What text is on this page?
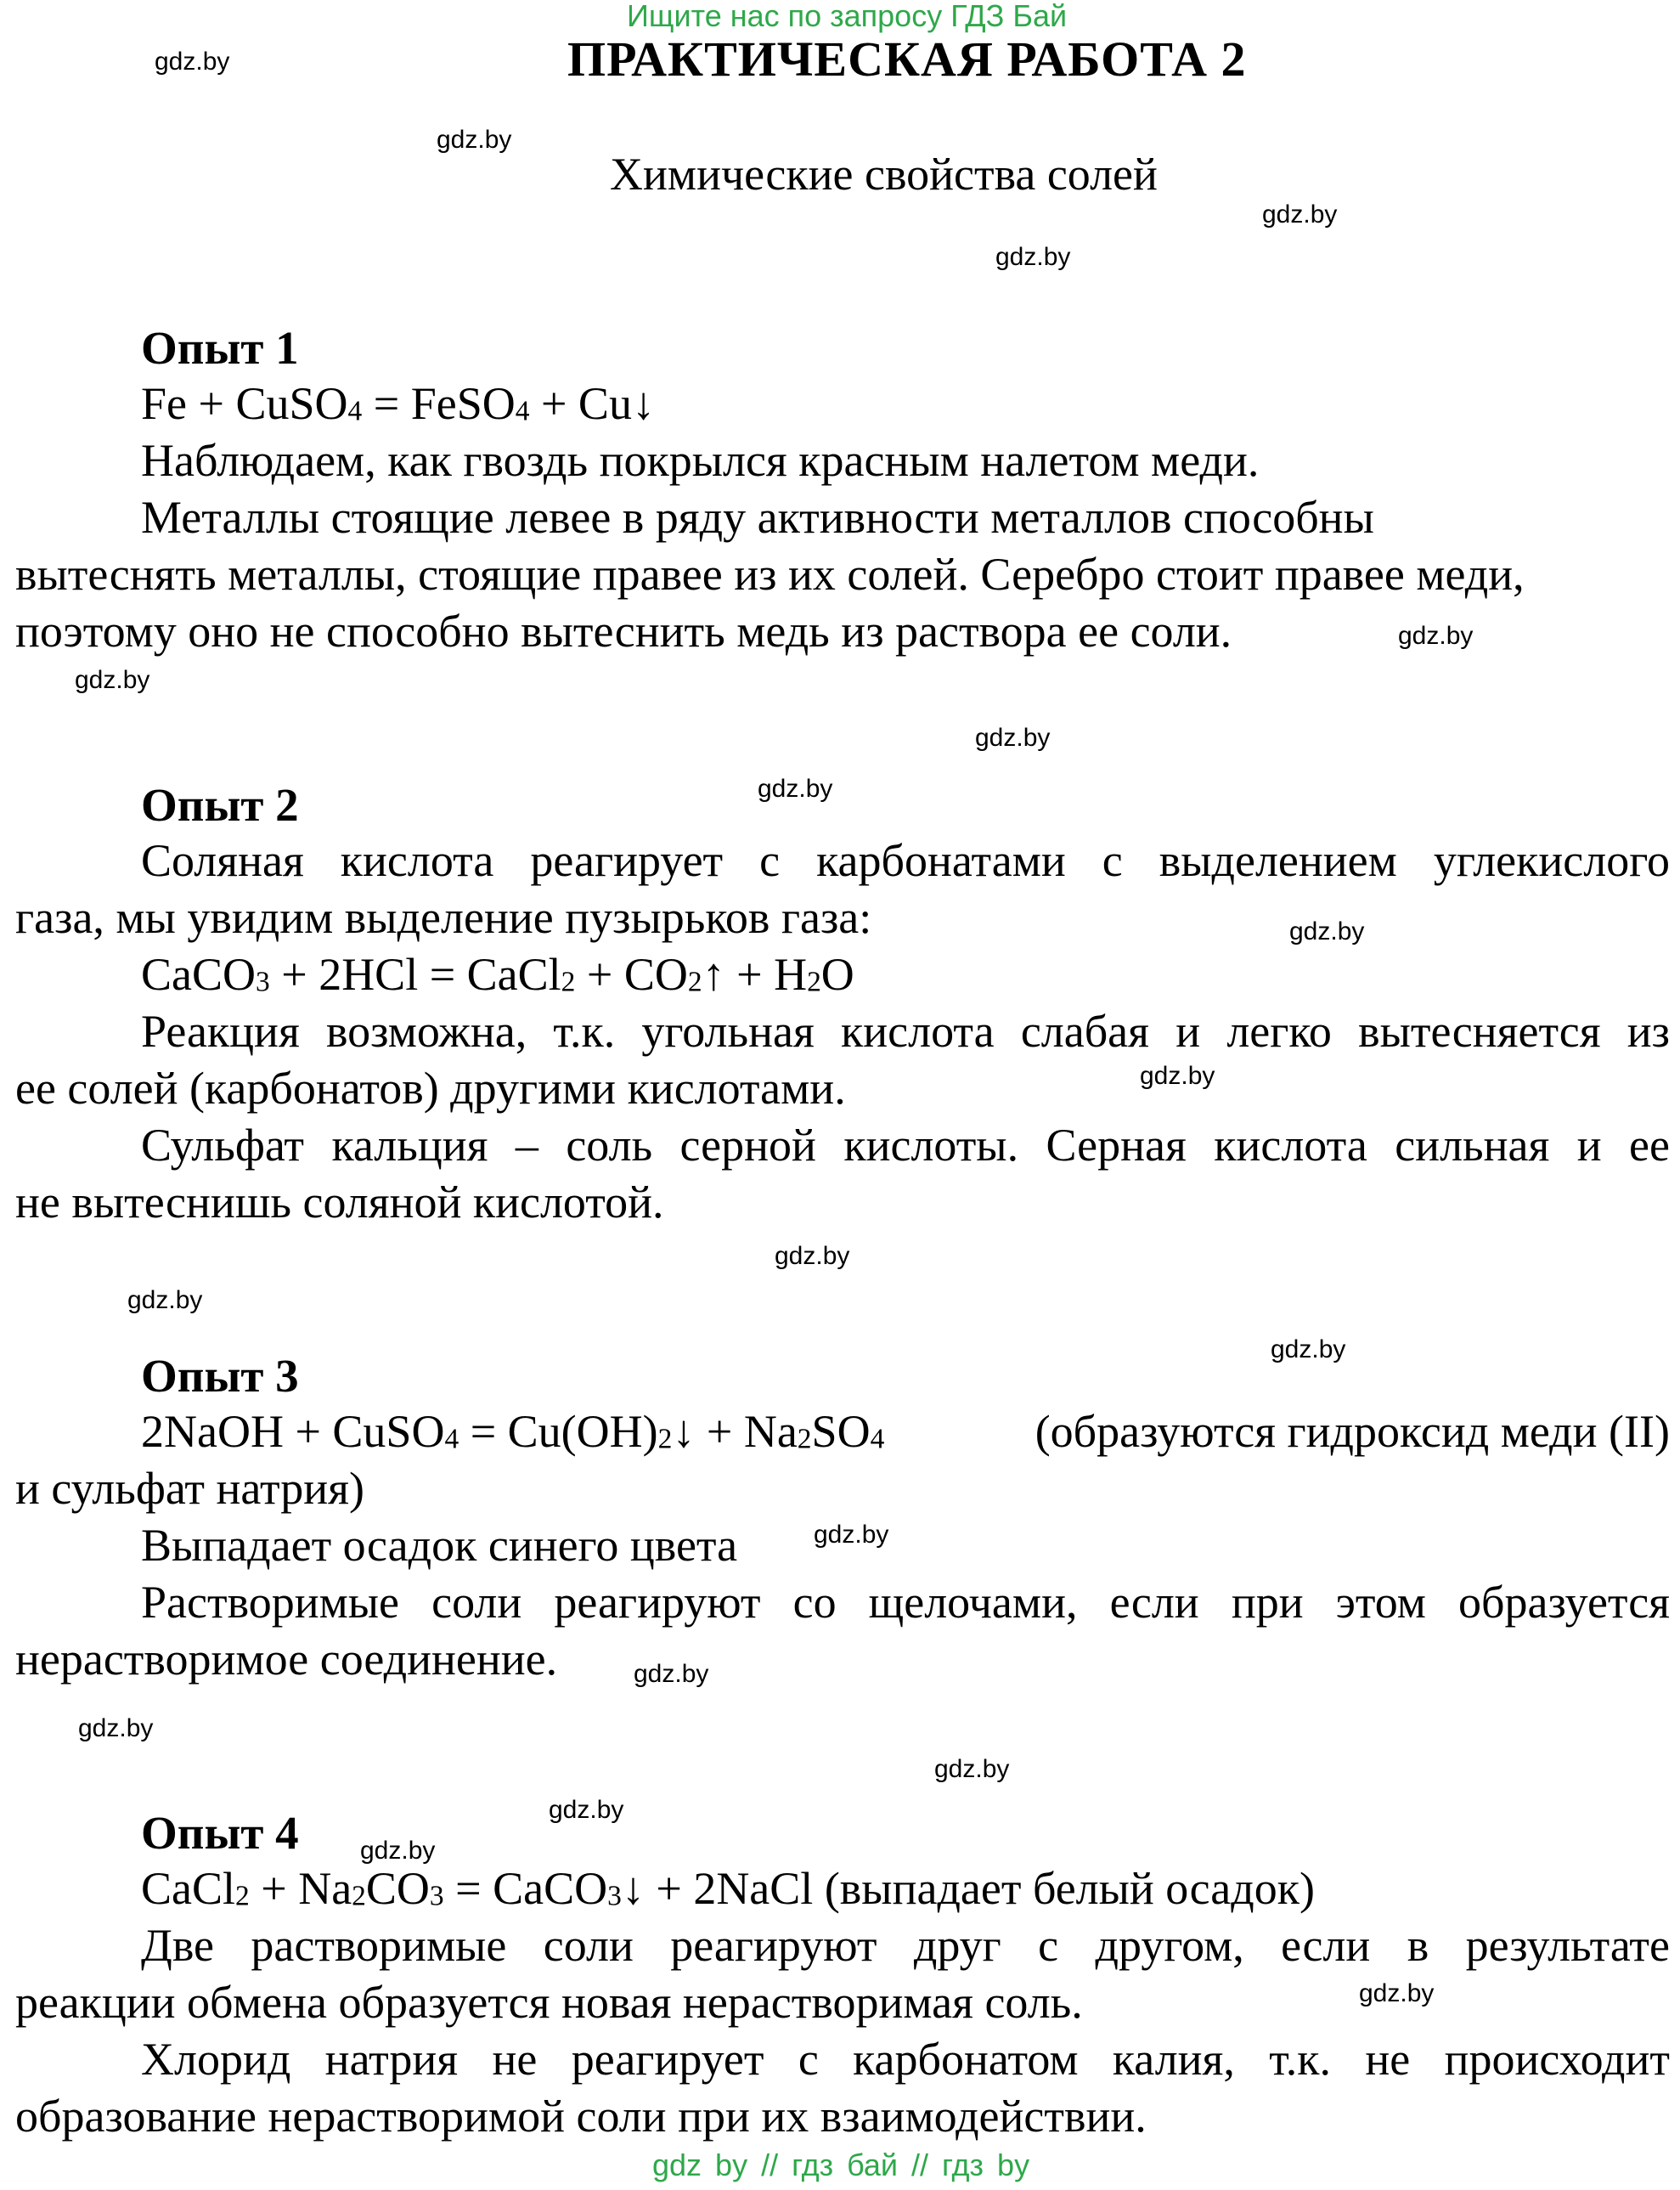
Ищите нас по запросу ГДЗ Бай
gdz by // гдз бай // гдз by
gdz.by
gdz.by
gdz.by
gdz.by
gdz.by
gdz.by
gdz.by
gdz.by
gdz.by
gdz.by
gdz.by
gdz.by
gdz.by
gdz.by
gdz.by
gdz.by
gdz.by
gdz.by
gdz.by
gdz.by
ПРАКТИЧЕСКАЯ РАБОТА 2
Химические свойства солей
Опыт 1
Fe + CuSO$_4$ = FeSO$_4$ + Cu↓
Наблюдаем, как гвоздь покрылся красным налетом меди.
Металлы стоящие левее в ряду активности металлов способны
вытеснять металлы, стоящие правее из их солей. Серебро стоит правее меди,
поэтому оно не способно вытеснить медь из раствора ее соли.
Опыт 2
Соляная кислота реагирует с карбонатами с выделением углекислого
газа, мы увидим выделение пузырьков газа:
CaCO$_3$ + 2HCl = CaCl$_2$ + $CO_2↑ + H_2O$
Реакция возможна, т.к. угольная кислота слабая и легко вытесняется из
ее солей (карбонатов) другими кислотами.
Сульфат кальция – соль серной кислоты. Серная кислота сильная и ее
не вытеснишь соляной кислотой.
Опыт 3
2NaOH + CuSO$_4$ = $Cu(OH)_2↓ + Na_2SO_4$	(образуются гидроксид меди (II)
и сульфат натрия)
Выпадает осадок синего цвета
Растворимые соли реагируют со щелочами, если при этом образуется
нерастворимое соединение.
Опыт 4
CaCl$_2$ + $Na_2CO_3$ = CaCO$_3$↓ + 2NaCl (выпадает белый осадок)
Две растворимые соли реагируют друг с другом, если в результате
реакции обмена образуется новая нерастворимая соль.
Хлорид натрия не реагирует с карбонатом калия, т.к. не происходит
образование нерастворимой соли при их взаимодействии.
